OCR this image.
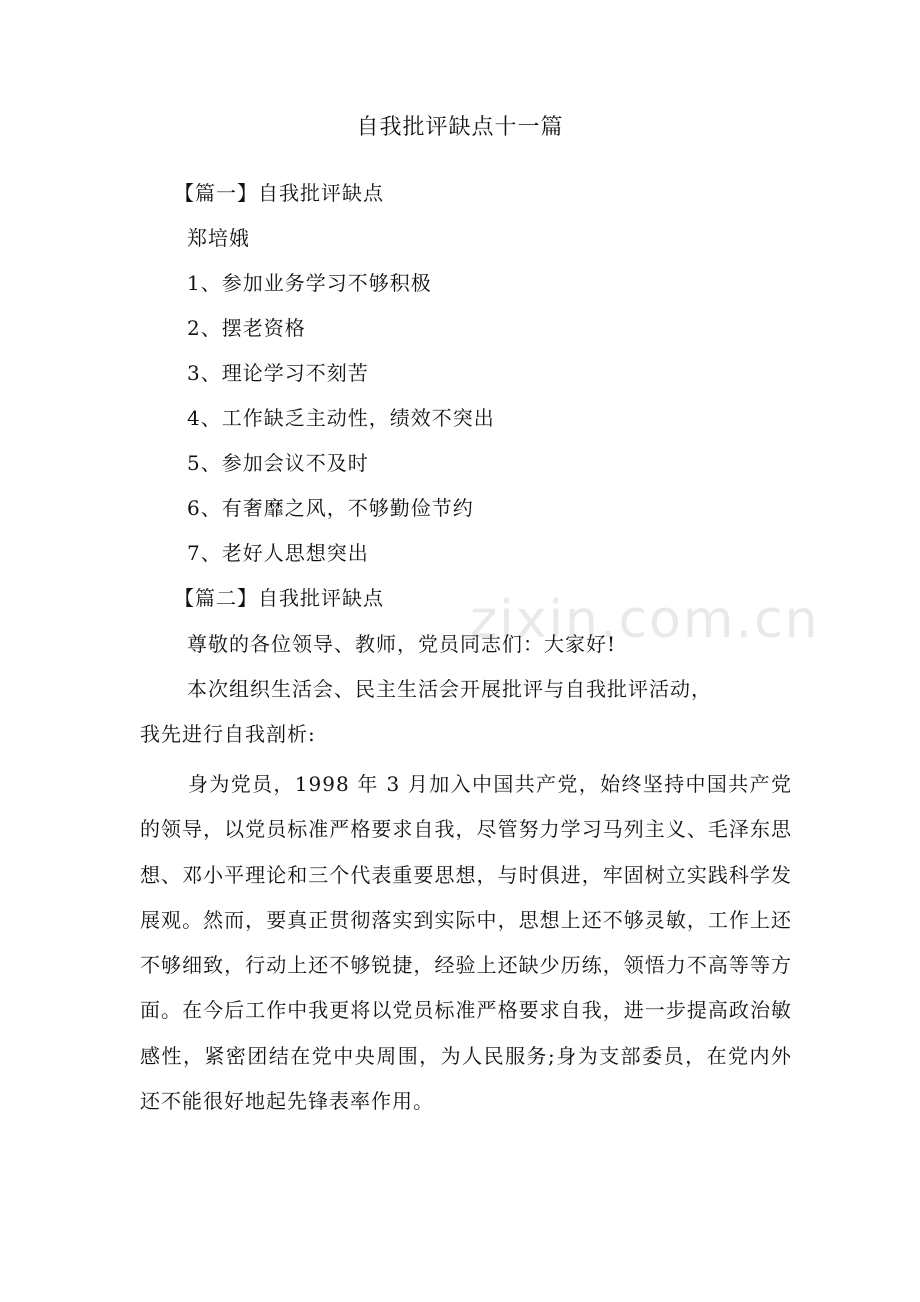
zixin.com.cn
自我批评缺点十一篇
【篇一】自我批评缺点
郑培娥
1、参加业务学习不够积极
2、摆老资格
3、理论学习不刻苦
4、工作缺乏主动性，绩效不突出
5、参加会议不及时
6、有奢靡之风，不够勤俭节约
7、老好人思想突出
【篇二】自我批评缺点
尊敬的各位领导、教师，党员同志们：大家好!
本次组织生活会、民主生活会开展批评与自我批评活动，
我先进行自我剖析:
身为党员，1998 年 3 月加入中国共产党，始终坚持中国共产党的领导，以党员标准严格要求自我，尽管努力学习马列主义、毛泽东思想、邓小平理论和三个代表重要思想，与时俱进，牢固树立实践科学发展观。然而，要真正贯彻落实到实际中，思想上还不够灵敏，工作上还不够细致，行动上还不够锐捷，经验上还缺少历练，领悟力不高等等方面。在今后工作中我更将以党员标准严格要求自我，进一步提高政治敏感性，紧密团结在党中央周围，为人民服务;身为支部委员，在党内外还不能很好地起先锋表率作用。
